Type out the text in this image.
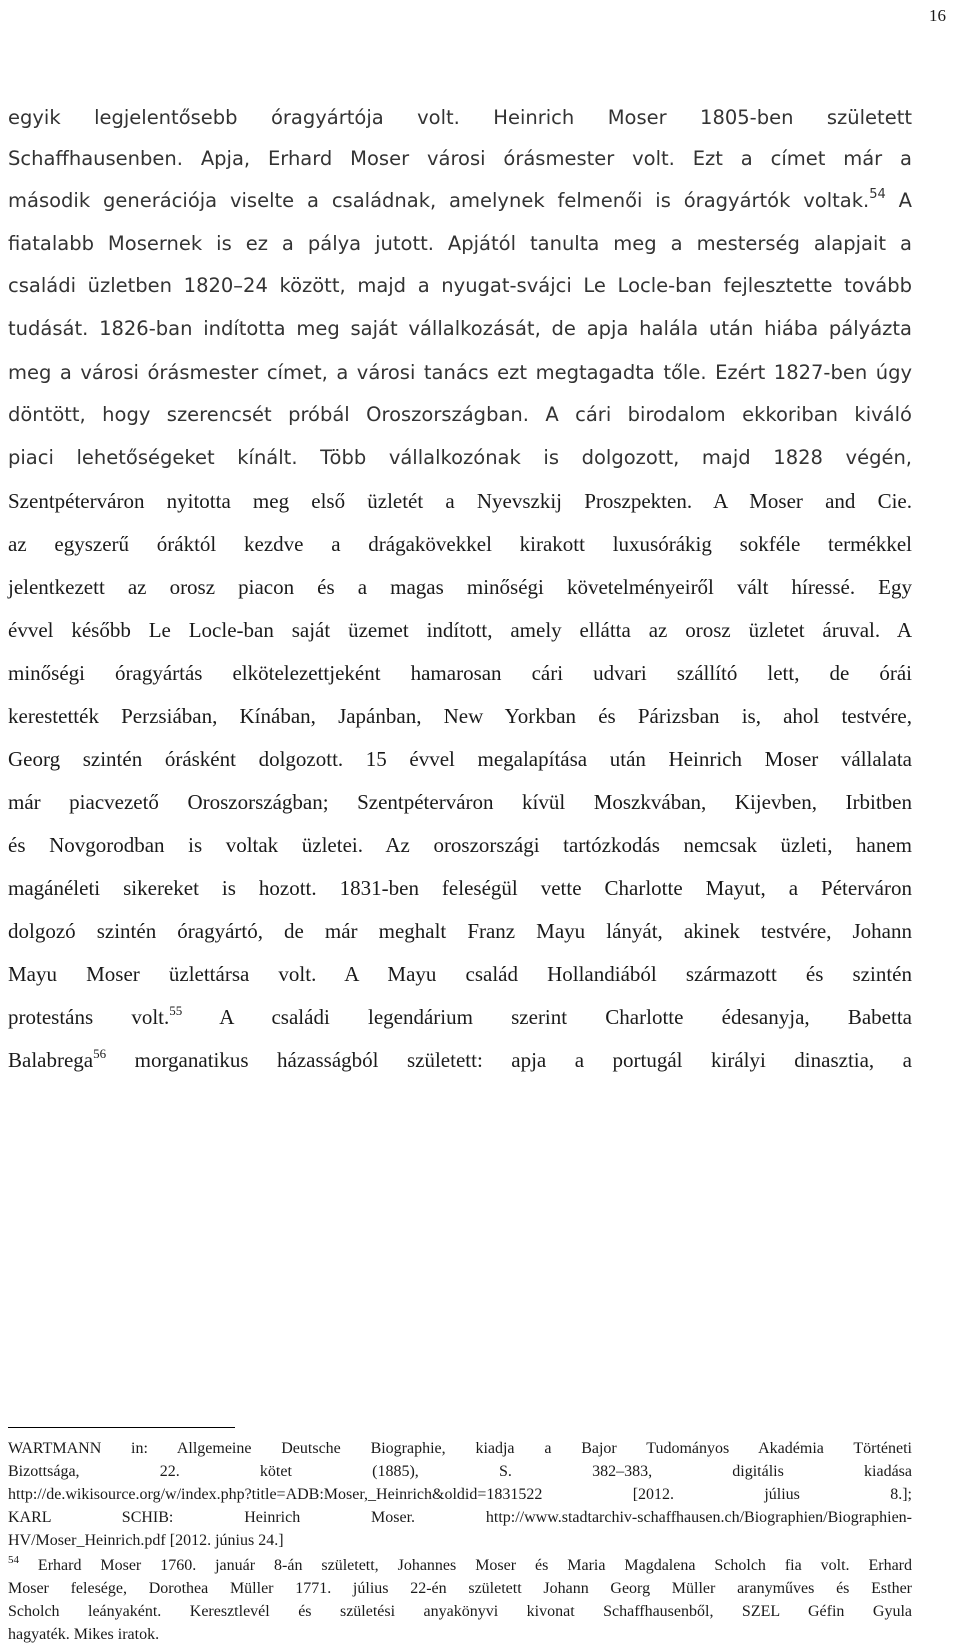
16
egyik legjelentősebb óragyártója volt. Heinrich Moser 1805-ben született
Schaffhausenben. Apja, Erhard Moser városi órásmester volt. Ezt a címet már a
második generációja viselte a családnak, amelynek felmenői is óragyártók voltak.$^{54}$ A
fiatalabb Mosernek is ez a pálya jutott. Apjától tanulta meg a mesterség alapjait a
családi üzletben 1820–24 között, majd a nyugat-svájci Le Locle-ban fejlesztette tovább
tudását. 1826-ban indította meg saját vállalkozását, de apja halála után hiába pályázta
meg a városi órásmester címet, a városi tanács ezt megtagadta tőle. Ezért 1827-ben úgy
döntött, hogy szerencsét próbál Oroszországban. A cári birodalom ekkoriban kiváló
piaci lehetőségeket kínált. Több vállalkozónak is dolgozott, majd 1828 végén,
Szentpéterváron nyitotta meg első üzletét a Nyevszkij Proszpekten. A Moser and Cie.
az egyszerű óráktól kezdve a drágakövekkel kirakott luxusórákig sokféle termékkel
jelentkezett az orosz piacon és a magas minőségi követelményeiről vált híressé. Egy
évvel később Le Locle-ban saját üzemet indított, amely ellátta az orosz üzletet áruval. A
minőségi óragyártás elkötelezettjeként hamarosan cári udvari szállító lett, de órái
kerestették Perzsiában, Kínában, Japánban, New Yorkban és Párizsban is, ahol testvére,
Georg szintén órásként dolgozott. 15 évvel megalapítása után Heinrich Moser vállalata
már piacvezető Oroszországban; Szentpéterváron kívül Moszkvában, Kijevben, Irbitben
és Novgorodban is voltak üzletei. Az oroszországi tartózkodás nemcsak üzleti, hanem
magánéleti sikereket is hozott. 1831-ben feleségül vette Charlotte Mayut, a Péterváron
dolgozó szintén óragyártó, de már meghalt Franz Mayu lányát, akinek testvére, Johann
Mayu Moser üzlettársa volt. A Mayu család Hollandiából származott és szintén
protestáns volt.$^{55}$ A családi legendárium szerint Charlotte édesanyja, Babetta
Balabrega$^{56}$ morganatikus házasságból született: apja a portugál királyi dinasztia, a
WARTMANN in: Allgemeine Deutsche Biographie, kiadja a Bajor Tudományos Akadémia Történeti
Bizottsága, 22. kötet (1885), S. 382–383, digitális kiadása
http://de.wikisource.org/w/index.php?title=ADB:Moser,_Heinrich&oldid=1831522 [2012. július 8.];
KARL SCHIB: Heinrich Moser. http://www.stadtarchiv-schaffhausen.ch/Biographien/Biographien-
HV/Moser_Heinrich.pdf [2012. június 24.]
$^{54}$ Erhard Moser 1760. január 8-án született, Johannes Moser és Maria Magdalena Scholch fia volt. Erhard
Moser felesége, Dorothea Müller 1771. július 22-én született Johann Georg Müller aranyműves és Esther
Scholch leányaként. Keresztlevél és születési anyakönyvi kivonat Schaffhausenből, SZEL Géfin Gyula
hagyaték. Mikes iratok.
